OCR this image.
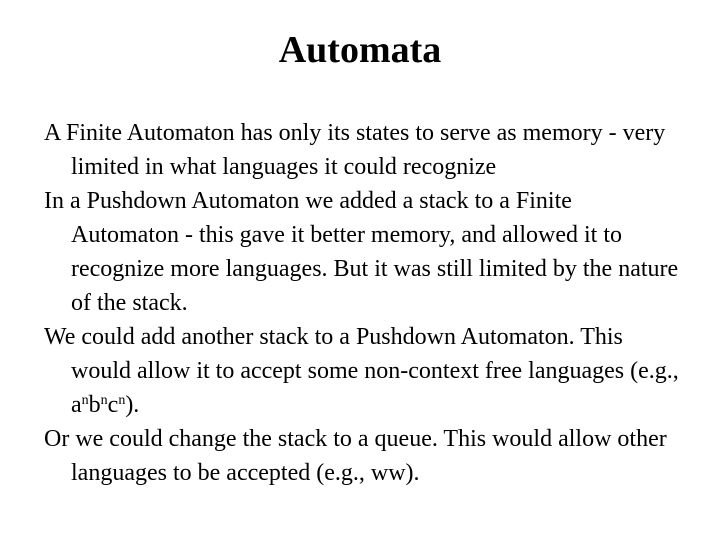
Automata

A Finite Automaton has only its states to serve as memory - very limited in what languages it could recognize

In a Pushdown Automaton we added a stack to a Finite Automaton - this gave it better memory, and allowed it to recognize more languages. But it was still limited by the nature of the stack.

We could add another stack to a Pushdown Automaton. This would allow it to accept some non-context free languages (e.g., $a^nb^nc^n$).

Or we could change the stack to a queue. This would allow other languages to be accepted (e.g., ww).
